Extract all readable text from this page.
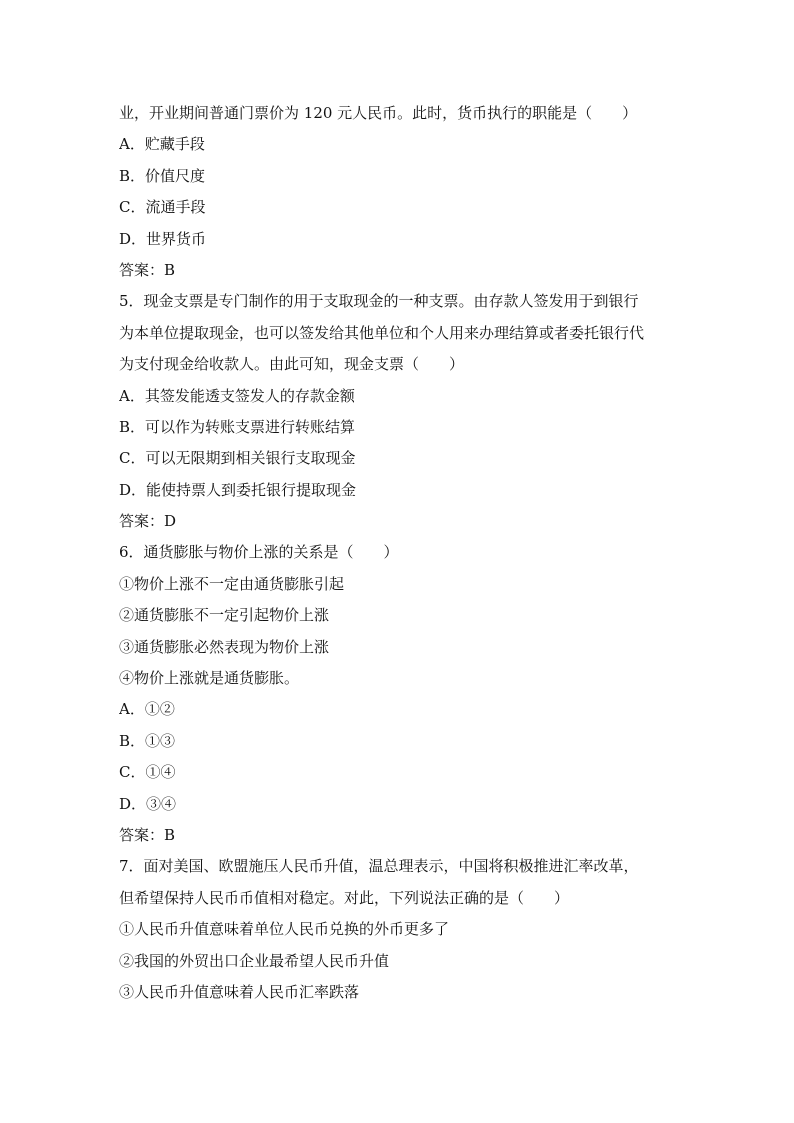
业，开业期间普通门票价为 120 元人民币。此时，货币执行的职能是（　　）
A．贮藏手段
B．价值尺度
C．流通手段
D．世界货币
答案：B
5．现金支票是专门制作的用于支取现金的一种支票。由存款人签发用于到银行
为本单位提取现金，也可以签发给其他单位和个人用来办理结算或者委托银行代
为支付现金给收款人。由此可知，现金支票（　　）
A．其签发能透支签发人的存款金额
B．可以作为转账支票进行转账结算
C．可以无限期到相关银行支取现金
D．能使持票人到委托银行提取现金
答案：D
6．通货膨胀与物价上涨的关系是（　　）
①物价上涨不一定由通货膨胀引起
②通货膨胀不一定引起物价上涨
③通货膨胀必然表现为物价上涨
④物价上涨就是通货膨胀。
A．①②
B．①③
C．①④
D．③④
答案：B
7．面对美国、欧盟施压人民币升值，温总理表示，中国将积极推进汇率改革，
但希望保持人民币币值相对稳定。对此，下列说法正确的是（　　）
①人民币升值意味着单位人民币兑换的外币更多了
②我国的外贸出口企业最希望人民币升值
③人民币升值意味着人民币汇率跌落
